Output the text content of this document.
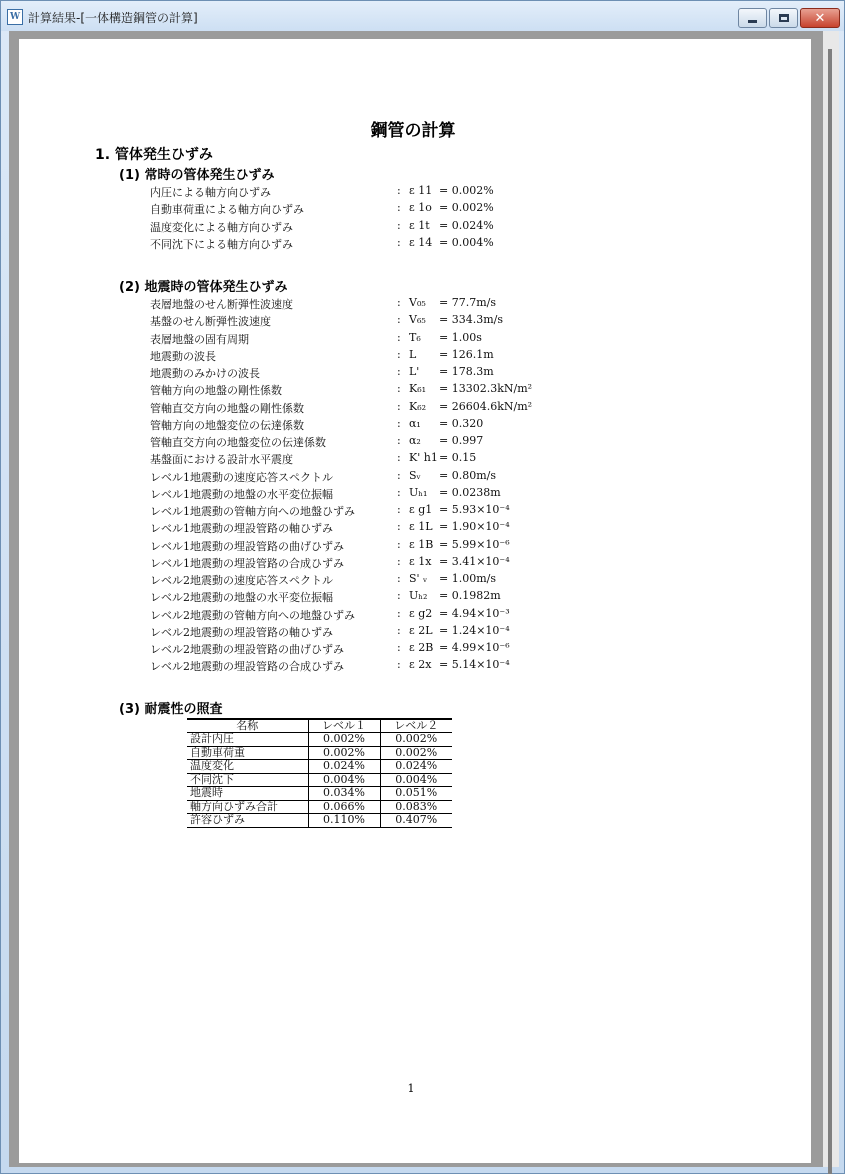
W 計算結果-[一体構造鋼管の計算]	✕
鋼管の計算
1. 管体発生ひずみ
(1) 常時の管体発生ひずみ
内圧による軸方向ひずみ	: ε 11 = 0.002%
自動車荷重による軸方向ひずみ	: ε 1o = 0.002%
温度変化による軸方向ひずみ	: ε 1t = 0.024%
不同沈下による軸方向ひずみ	: ε 14 = 0.004%
(2) 地震時の管体発生ひずみ
表層地盤のせん断弾性波速度	: V₀₅ = 77.7m/s
基盤のせん断弾性波速度	: V₆₅ = 334.3m/s
表層地盤の固有周期	: T₆ = 1.00s
地震動の波長	: L = 126.1m
地震動のみかけの波長	: L' = 178.3m
管軸方向の地盤の剛性係数	: K₆₁ = 13302.3kN/m²
管軸直交方向の地盤の剛性係数	: K₆₂ = 26604.6kN/m²
管軸方向の地盤変位の伝達係数	: α₁ = 0.320
管軸直交方向の地盤変位の伝達係数	: α₂ = 0.997
基盤面における設計水平震度	: K' h1 = 0.15
レベル1地震動の速度応答スペクトル	: Sᵥ = 0.80m/s
レベル1地震動の地盤の水平変位振幅	: Uₕ₁ = 0.0238m
レベル1地震動の管軸方向への地盤ひずみ	: ε g1 = 5.93×10⁻⁴
レベル1地震動の埋設管路の軸ひずみ	: ε 1L = 1.90×10⁻⁴
レベル1地震動の埋設管路の曲げひずみ	: ε 1B = 5.99×10⁻⁶
レベル1地震動の埋設管路の合成ひずみ	: ε 1x = 3.41×10⁻⁴
レベル2地震動の速度応答スペクトル	: S' ᵥ = 1.00m/s
レベル2地震動の地盤の水平変位振幅	: Uₕ₂ = 0.1982m
レベル2地震動の管軸方向への地盤ひずみ	: ε g2 = 4.94×10⁻³
レベル2地震動の埋設管路の軸ひずみ	: ε 2L = 1.24×10⁻⁴
レベル2地震動の埋設管路の曲げひずみ	: ε 2B = 4.99×10⁻⁶
レベル2地震動の埋設管路の合成ひずみ	: ε 2x = 5.14×10⁻⁴
(3) 耐震性の照査
名称	レベル１	レベル２
設計内圧	0.002%	0.002%
自動車荷重	0.002%	0.002%
温度変化	0.024%	0.024%
不同沈下	0.004%	0.004%
地震時	0.034%	0.051%
軸方向ひずみ合計	0.066%	0.083%
許容ひずみ	0.110%	0.407%
1
